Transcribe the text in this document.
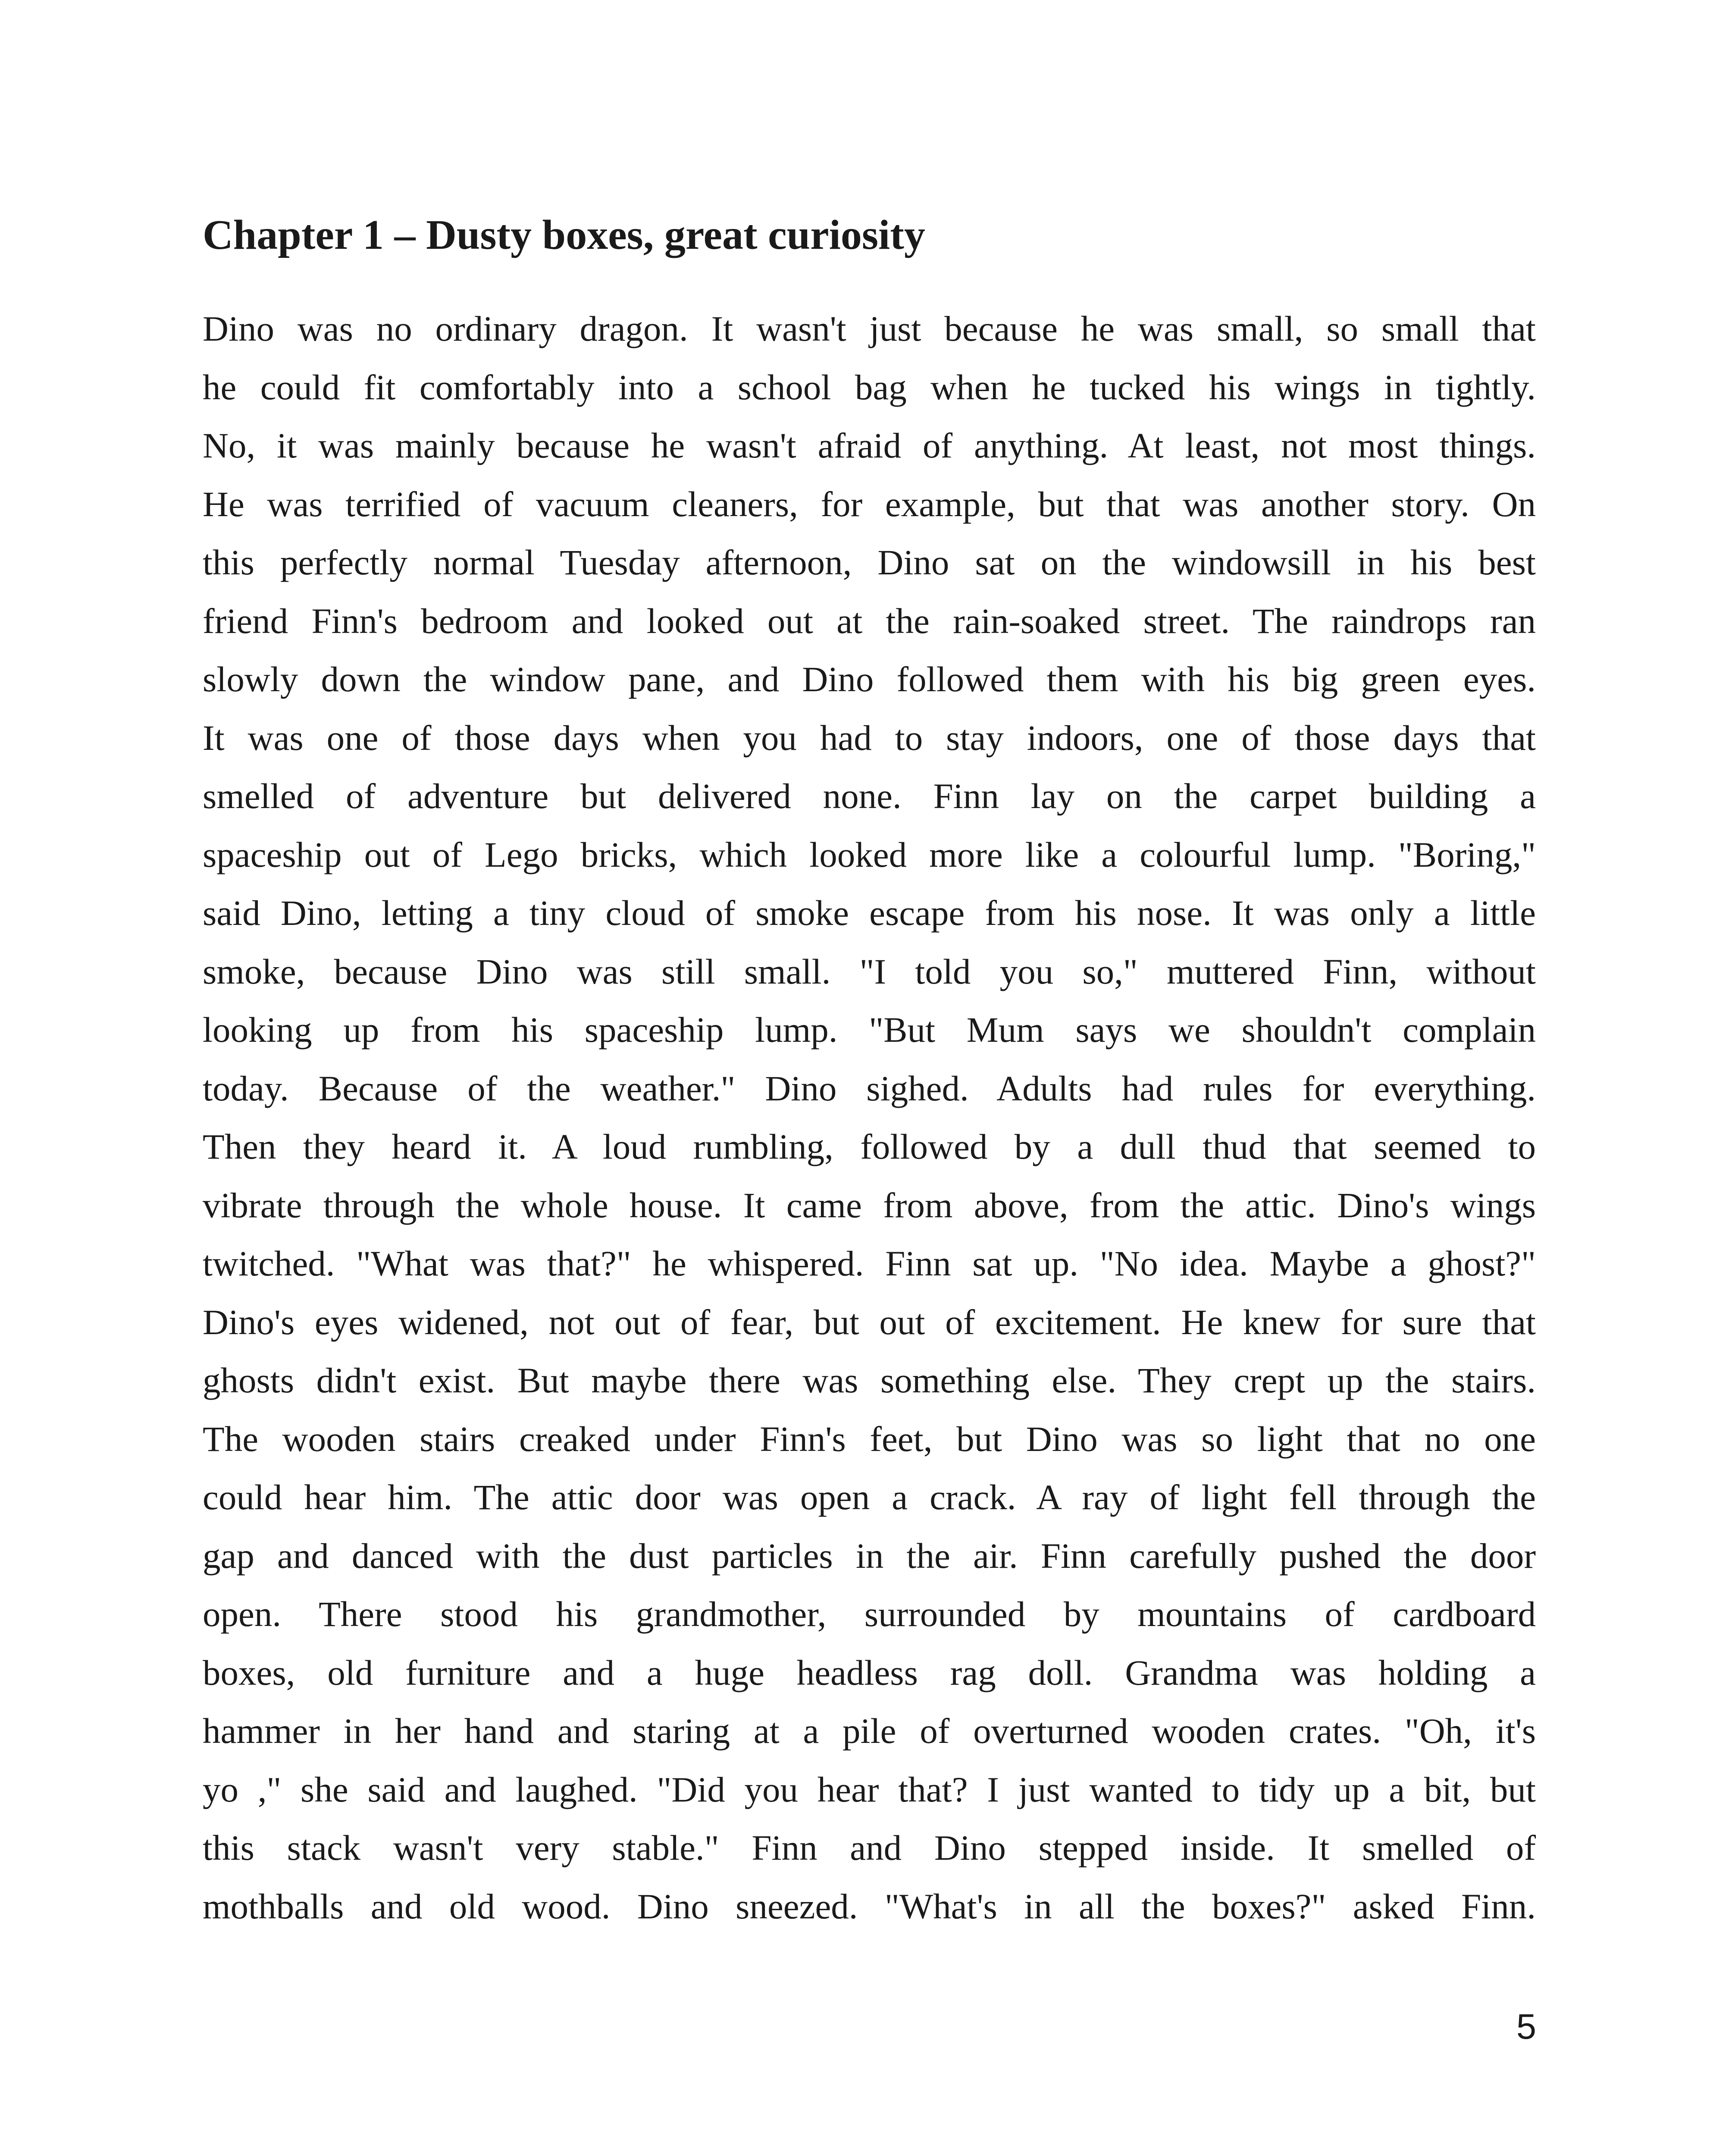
Chapter 1 – Dusty boxes, great curiosity
Dino was no ordinary dragon. It wasn't just because he was small, so small that
he could fit comfortably into a school bag when he tucked his wings in tightly.
No, it was mainly because he wasn't afraid of anything. At least, not most things.
He was terrified of vacuum cleaners, for example, but that was another story. On
this perfectly normal Tuesday afternoon, Dino sat on the windowsill in his best
friend Finn's bedroom and looked out at the rain-soaked street. The raindrops ran
slowly down the window pane, and Dino followed them with his big green eyes.
It was one of those days when you had to stay indoors, one of those days that
smelled of adventure but delivered none. Finn lay on the carpet building a
spaceship out of Lego bricks, which looked more like a colourful lump. "Boring,"
said Dino, letting a tiny cloud of smoke escape from his nose. It was only a little
smoke, because Dino was still small. "I told you so," muttered Finn, without
looking up from his spaceship lump. "But Mum says we shouldn't complain
today. Because of the weather." Dino sighed. Adults had rules for everything.
Then they heard it. A loud rumbling, followed by a dull thud that seemed to
vibrate through the whole house. It came from above, from the attic. Dino's wings
twitched. "What was that?" he whispered. Finn sat up. "No idea. Maybe a ghost?"
Dino's eyes widened, not out of fear, but out of excitement. He knew for sure that
ghosts didn't exist. But maybe there was something else. They crept up the stairs.
The wooden stairs creaked under Finn's feet, but Dino was so light that no one
could hear him. The attic door was open a crack. A ray of light fell through the
gap and danced with the dust particles in the air. Finn carefully pushed the door
open. There stood his grandmother, surrounded by mountains of cardboard
boxes, old furniture and a huge headless rag doll. Grandma was holding a
hammer in her hand and staring at a pile of overturned wooden crates. "Oh, it's
yo ," she said and laughed. "Did you hear that? I just wanted to tidy up a bit, but
this stack wasn't very stable." Finn and Dino stepped inside. It smelled of
mothballs and old wood. Dino sneezed. "What's in all the boxes?" asked Finn.
5
